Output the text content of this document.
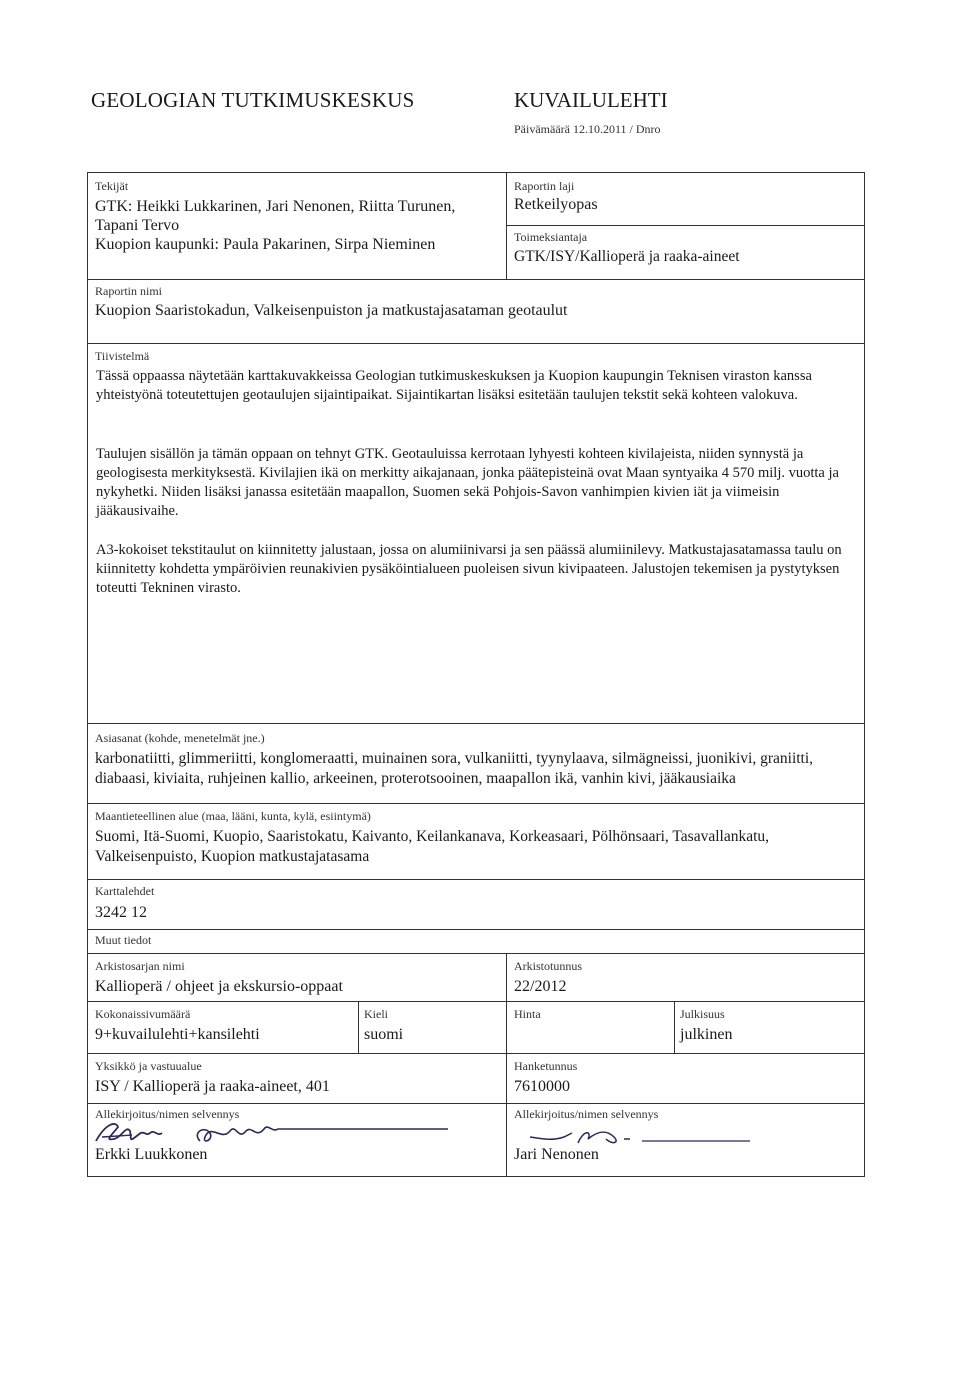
GEOLOGIAN TUTKIMUSKESKUS	KUVAILULEHTI
Päivämäärä 12.10.2011 / Dnro
Tekijät
GTK: Heikki Lukkarinen, Jari Nenonen, Riitta Turunen,
Tapani Tervo
Kuopion kaupunki: Paula Pakarinen, Sirpa Nieminen
Raportin laji
Retkeilyopas
Toimeksiantaja
GTK/ISY/Kallioperä ja raaka-aineet
Raportin nimi
Kuopion Saaristokadun, Valkeisenpuiston ja matkustajasataman geotaulut
Tiivistelmä

Tässä oppaassa näytetään karttakuvakkeissa Geologian tutkimuskeskuksen ja Kuopion kaupungin Teknisen viraston kanssa yhteistyönä toteutettujen geotaulujen sijaintipaikat. Sijaintikartan lisäksi esitetään taulujen tekstit sekä kohteen valokuva.

Taulujen sisällön ja tämän oppaan on tehnyt GTK. Geotauluissa kerrotaan lyhyesti kohteen kivilajeista, niiden synnystä ja geologisesta merkityksestä. Kivilajien ikä on merkitty aikajanaan, jonka päätepisteinä ovat Maan syntyaika 4 570 milj. vuotta ja nykyhetki. Niiden lisäksi janassa esitetään maapallon, Suomen sekä Pohjois-Savon vanhimpien kivien iät ja viimeisin jääkausivaihe.

A3-kokoiset tekstitaulut on kiinnitetty jalustaan, jossa on alumiinivarsi ja sen päässä alumiinilevy. Matkustajasatamassa taulu on kiinnitetty kohdetta ympäröivien reunakivien pysäköintialueen puoleisen sivun kivipaateen. Jalustojen tekemisen ja pystytyksen toteutti Tekninen virasto.

Asiasanat (kohde, menetelmät jne.)
karbonatiitti, glimmeriitti, konglomeraatti, muinainen sora, vulkaniitti, tyynylaava, silmägneissi, juonikivi, graniitti, diabaasi, kiviaita, ruhjeinen kallio, arkeeinen, proterotsooinen, maapallon ikä, vanhin kivi, jääkausiaika
Maantieteellinen alue (maa, lääni, kunta, kylä, esiintymä)
Suomi, Itä-Suomi, Kuopio, Saaristokatu, Kaivanto, Keilankanava, Korkeasaari, Pölhönsaari, Tasavallankatu, Valkeisenpuisto, Kuopion matkustajatasama
Karttalehdet
3242 12
Muut tiedot
Arkistosarjan nimi
Kallioperä / ohjeet ja ekskursio-oppaat
Arkistotunnus
22/2012
Kokonaissivumäärä
9+kuvailulehti+kansilehti
Kieli
suomi
Hinta	Julkisuus
julkinen
Yksikkö ja vastuualue
ISY / Kallioperä ja raaka-aineet, 401
Hanketunnus
7610000
Allekirjoitus/nimen selvennys
Erkki Luukkonen
Allekirjoitus/nimen selvennys
Jari Nenonen
